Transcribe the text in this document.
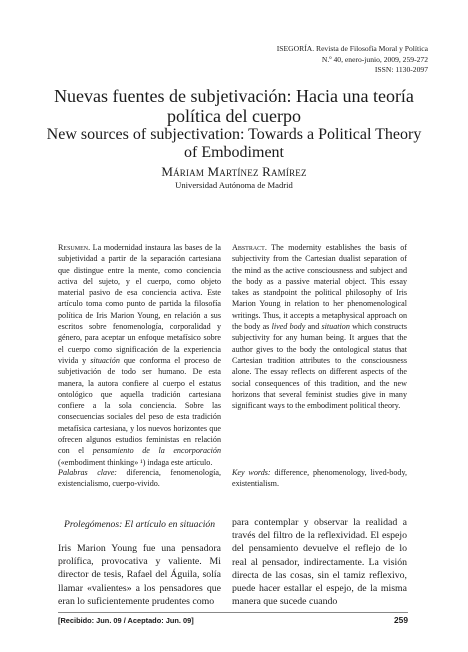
ISEGORÍA. Revista de Filosofía Moral y Política
N.º 40, enero-junio, 2009, 259-272
ISSN: 1130-2097
Nuevas fuentes de subjetivación: Hacia una teoría política del cuerpo
New sources of subjectivation: Towards a Political Theory of Embodiment
Máriam Martínez Ramírez
Universidad Autónoma de Madrid
Resumen. La modernidad instaura las bases de la subjetividad a partir de la separación cartesiana que distingue entre la mente, como conciencia activa del sujeto, y el cuerpo, como objeto material pasivo de esa conciencia activa. Este artículo toma como punto de partida la filosofía política de Iris Marion Young, en relación a sus escritos sobre fenomenología, corporalidad y género, para aceptar un enfoque metafísico sobre el cuerpo como significación de la experiencia vivida y situación que conforma el proceso de subjetivación de todo ser humano. De esta manera, la autora confiere al cuerpo el estatus ontológico que aquella tradición cartesiana confiere a la sola conciencia. Sobre las consecuencias sociales del peso de esta tradición metafísica cartesiana, y los nuevos horizontes que ofrecen algunos estudios feministas en relación con el pensamiento de la encorporación («embodiment thinking» ¹) indaga este artículo.
Abstract. The modernity establishes the basis of subjectivity from the Cartesian dualist separation of the mind as the active consciousness and subject and the body as a passive material object. This essay takes as standpoint the political philosophy of Iris Marion Young in relation to her phenomenological writings. Thus, it accepts a metaphysical approach on the body as lived body and situation which constructs subjectivity for any human being. It argues that the author gives to the body the ontological status that Cartesian tradition attributes to the consciousness alone. The essay reflects on different aspects of the social consequences of this tradition, and the new horizons that several feminist studies give in many significant ways to the embodiment political theory.
Palabras clave: diferencia, fenomenología, existencialismo, cuerpo-vivido.
Key words: difference, phenomenology, lived-body, existentialism.
Prolegómenos: El artículo en situación
Iris Marion Young fue una pensadora prolífica, provocativa y valiente. Mi director de tesis, Rafael del Águila, solía llamar «valientes» a los pensadores que eran lo suficientemente prudentes como
para contemplar y observar la realidad a través del filtro de la reflexividad. El espejo del pensamiento devuelve el reflejo de lo real al pensador, indirectamente. La visión directa de las cosas, sin el tamiz reflexivo, puede hacer estallar el espejo, de la misma manera que sucede cuando
[Recibido: Jun. 09 / Aceptado: Jun. 09]	259
